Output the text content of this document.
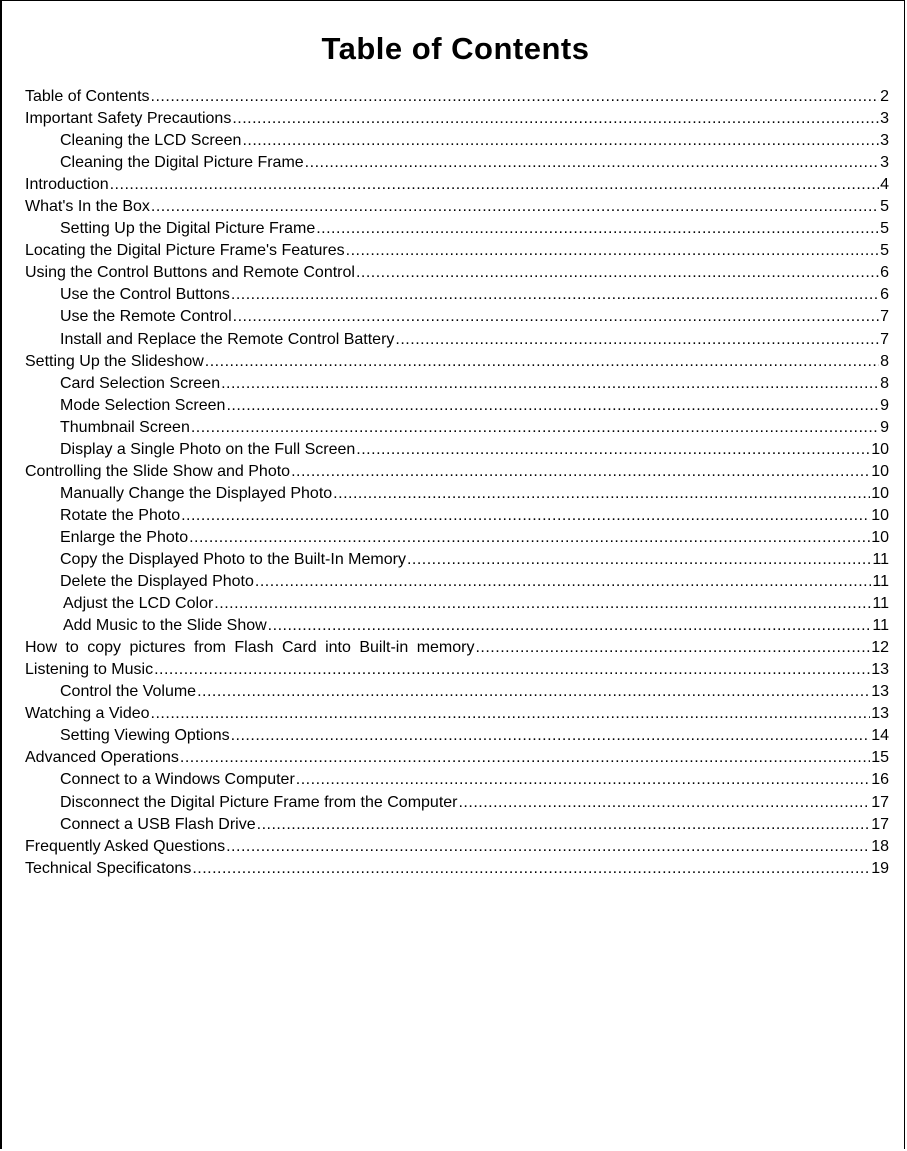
Table of Contents
Table of Contents .....	2
Important Safety Precautions .....	3
Cleaning the LCD Screen .....	3
Cleaning the Digital Picture Frame .....	3
Introduction .....	4
What's In the Box .....	5
Setting Up the Digital Picture Frame .....	5
Locating the Digital Picture Frame's Features .....	5
Using the Control Buttons and Remote Control .....	6
Use the Control Buttons .....	6
Use the Remote Control .....	7
Install and Replace the Remote Control Battery .....	7
Setting Up the Slideshow .....	8
Card Selection Screen .....	8
Mode Selection Screen .....	9
Thumbnail Screen .....	9
Display a Single Photo on the Full Screen .....	10
Controlling the Slide Show and Photo .....	10
Manually Change the Displayed Photo .....	10
Rotate the Photo .....	10
Enlarge the Photo .....	10
Copy the Displayed Photo to the Built-In Memory .....	11
Delete the Displayed Photo .....	11
Adjust the LCD Color .....	11
Add Music to the Slide Show .....	11
How to copy pictures from Flash Card into Built-in memory .....	12
Listening to Music .....	13
Control the Volume .....	13
Watching a Video .....	13
Setting Viewing Options .....	14
Advanced Operations .....	15
Connect to a Windows Computer .....	16
Disconnect the Digital Picture Frame from the Computer .....	17
Connect a USB Flash Drive .....	17
Frequently Asked Questions .....	18
Technical Specificatons .....	19
